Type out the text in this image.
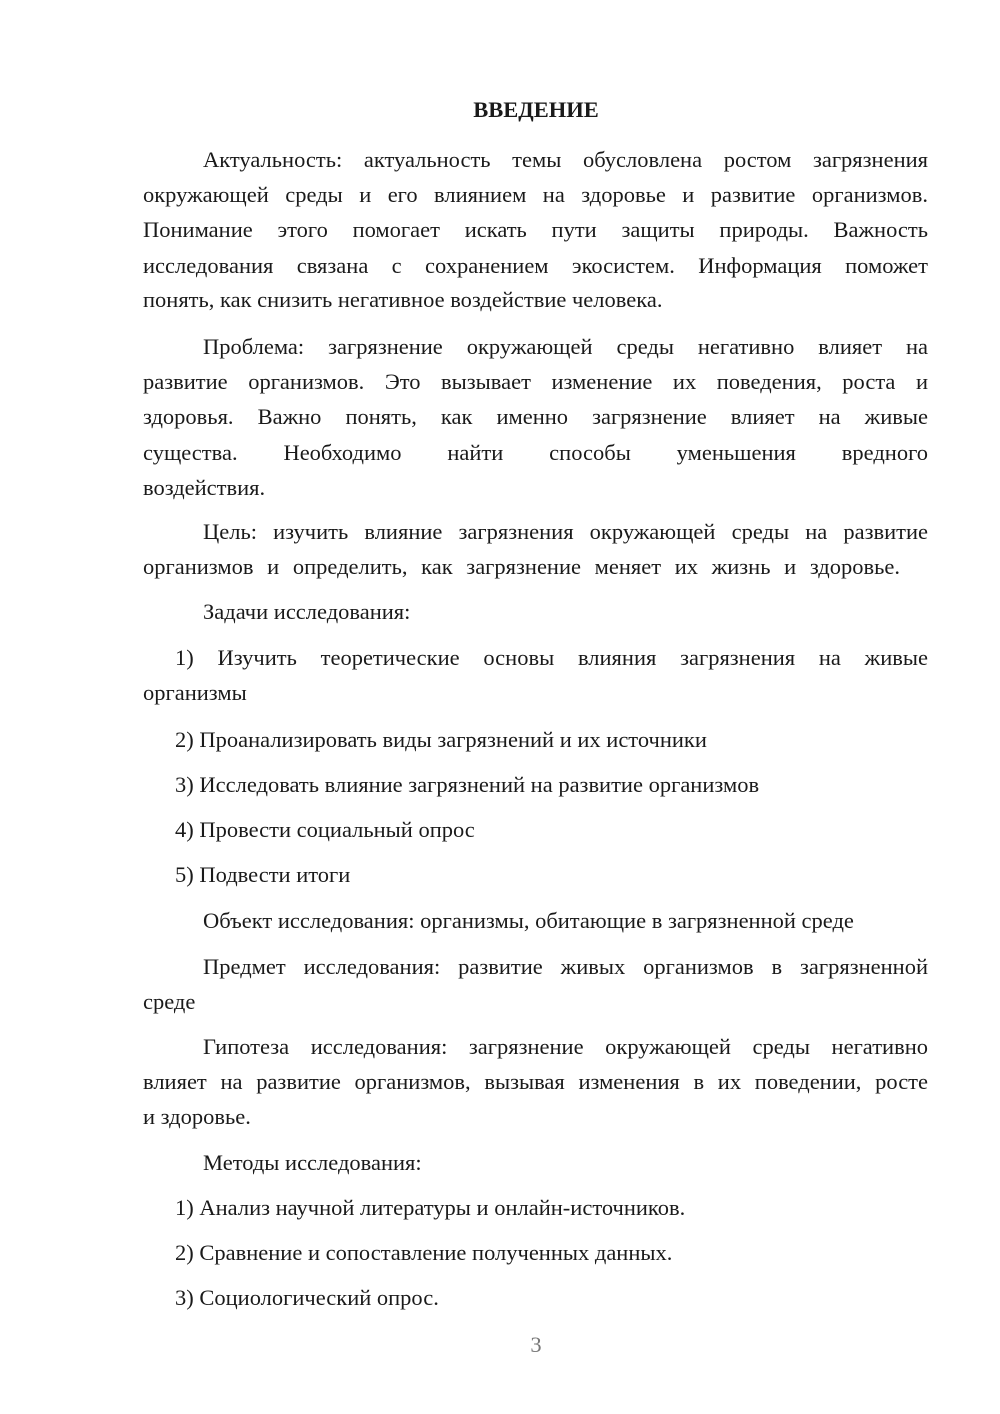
ВВЕДЕНИЕ
Актуальность: актуальность темы обусловлена ростом загрязнения
окружающей среды и его влиянием на здоровье и развитие организмов.
Понимание этого помогает искать пути защиты природы. Важность
исследования связана с сохранением экосистем. Информация поможет
понять, как снизить негативное воздействие человека.
Проблема: загрязнение окружающей среды негативно влияет на
развитие организмов. Это вызывает изменение их поведения, роста и
здоровья. Важно понять, как именно загрязнение влияет на живые
существа. Необходимо найти способы уменьшения вредного
воздействия.
Цель: изучить влияние загрязнения окружающей среды на развитие
организмов и определить, как загрязнение меняет их жизнь и здоровье.
Задачи исследования:
1) Изучить теоретические основы влияния загрязнения на живые
организмы
2) Проанализировать виды загрязнений и их источники
3) Исследовать влияние загрязнений на развитие организмов
4) Провести социальный опрос
5) Подвести итоги
Объект исследования: организмы, обитающие в загрязненной среде
Предмет исследования: развитие живых организмов в загрязненной
среде
Гипотеза исследования: загрязнение окружающей среды негативно
влияет на развитие организмов, вызывая изменения в их поведении, росте
и здоровье.
Методы исследования:
1) Анализ научной литературы и онлайн-источников.
2) Сравнение и сопоставление полученных данных.
3) Социологический опрос.
3
